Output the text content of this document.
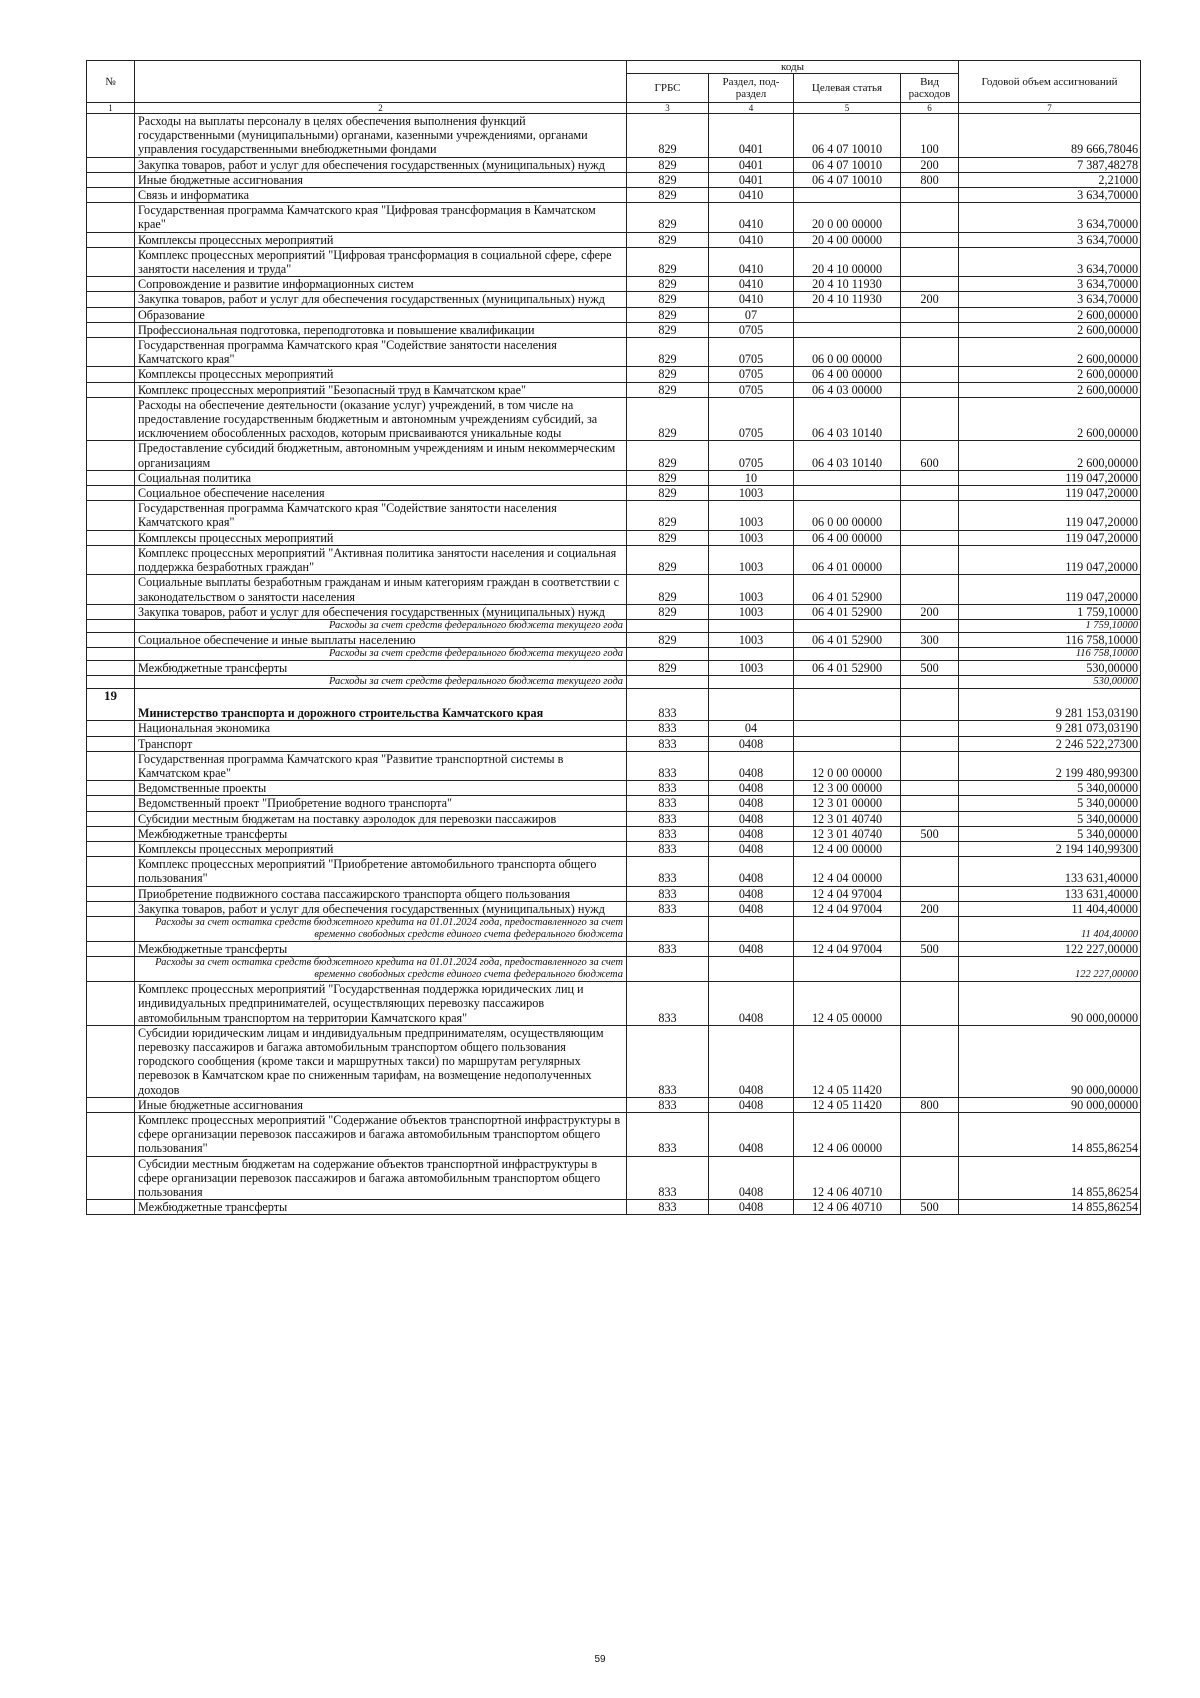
№		коды				Годовой объем ассигнований
		ГРБС	Раздел, под-раздел	Целевая статья	Вид расходов	
1	2	3	4	5	6	7
	Расходы на выплаты персоналу в целях обеспечения выполнения функций государственными (муниципальными) органами, казенными учреждениями, органами управления государственными внебюджетными фондами	829	0401	06 4 07 10010	100	89 666,78046
	Закупка товаров, работ и услуг для обеспечения государственных (муниципальных) нужд	829	0401	06 4 07 10010	200	7 387,48278
	Иные бюджетные ассигнования	829	0401	06 4 07 10010	800	2,21000
	Связь и информатика	829	0410			3 634,70000
	Государственная программа Камчатского края "Цифровая трансформация в Камчатском крае"	829	0410	20 0 00 00000		3 634,70000
	Комплексы процессных мероприятий	829	0410	20 4 00 00000		3 634,70000
	Комплекс процессных мероприятий "Цифровая трансформация в социальной сфере, сфере занятости населения и труда"	829	0410	20 4 10 00000		3 634,70000
	Сопровождение и развитие информационных систем	829	0410	20 4 10 11930		3 634,70000
	Закупка товаров, работ и услуг для обеспечения государственных (муниципальных) нужд	829	0410	20 4 10 11930	200	3 634,70000
	Образование	829	07			2 600,00000
	Профессиональная подготовка, переподготовка и повышение квалификации	829	0705			2 600,00000
	Государственная программа Камчатского края "Содействие занятости населения Камчатского края"	829	0705	06 0 00 00000		2 600,00000
	Комплексы процессных мероприятий	829	0705	06 4 00 00000		2 600,00000
	Комплекс процессных мероприятий "Безопасный труд в Камчатском крае"	829	0705	06 4 03 00000		2 600,00000
	Расходы на обеспечение деятельности (оказание услуг) учреждений, в том числе на предоставление государственным бюджетным и автономным учреждениям субсидий, за исключением обособленных расходов, которым присваиваются уникальные коды	829	0705	06 4 03 10140		2 600,00000
	Предоставление субсидий бюджетным, автономным учреждениям и иным некоммерческим организациям	829	0705	06 4 03 10140	600	2 600,00000
	Социальная политика	829	10			119 047,20000
	Социальное обеспечение населения	829	1003			119 047,20000
	Государственная программа Камчатского края "Содействие занятости населения Камчатского края"	829	1003	06 0 00 00000		119 047,20000
	Комплексы процессных мероприятий	829	1003	06 4 00 00000		119 047,20000
	Комплекс процессных мероприятий "Активная политика занятости населения и социальная поддержка безработных граждан"	829	1003	06 4 01 00000		119 047,20000
	Социальные выплаты безработным гражданам и иным категориям граждан в соответствии с законодательством о занятости населения	829	1003	06 4 01 52900		119 047,20000
	Закупка товаров, работ и услуг для обеспечения государственных (муниципальных) нужд	829	1003	06 4 01 52900	200	1 759,10000
	Расходы за счет средств федерального бюджета текущего года					1 759,10000
	Социальное обеспечение и иные выплаты населению	829	1003	06 4 01 52900	300	116 758,10000
	Расходы за счет средств федерального бюджета текущего года					116 758,10000
	Межбюджетные трансферты	829	1003	06 4 01 52900	500	530,00000
	Расходы за счет средств федерального бюджета текущего года					530,00000
19	Министерство транспорта и дорожного строительства Камчатского края	833				9 281 153,03190
	Национальная экономика	833	04			9 281 073,03190
	Транспорт	833	0408			2 246 522,27300
	Государственная программа Камчатского края "Развитие транспортной системы в Камчатском крае"	833	0408	12 0 00 00000		2 199 480,99300
	Ведомственные проекты	833	0408	12 3 00 00000		5 340,00000
	Ведомственный проект "Приобретение водного транспорта"	833	0408	12 3 01 00000		5 340,00000
	Субсидии местным бюджетам на поставку аэролодок для перевозки пассажиров	833	0408	12 3 01 40740		5 340,00000
	Межбюджетные трансферты	833	0408	12 3 01 40740	500	5 340,00000
	Комплексы процессных мероприятий	833	0408	12 4 00 00000		2 194 140,99300
	Комплекс процессных мероприятий "Приобретение автомобильного транспорта общего пользования"	833	0408	12 4 04 00000		133 631,40000
	Приобретение подвижного состава пассажирского транспорта общего пользования	833	0408	12 4 04 97004		133 631,40000
	Закупка товаров, работ и услуг для обеспечения государственных (муниципальных) нужд	833	0408	12 4 04 97004	200	11 404,40000
	Расходы за счет остатка средств бюджетного кредита на 01.01.2024 года, предоставленного за счет временно свободных средств единого счета федерального бюджета					11 404,40000
	Межбюджетные трансферты	833	0408	12 4 04 97004	500	122 227,00000
	Расходы за счет остатка средств бюджетного кредита на 01.01.2024 года, предоставленного за счет временно свободных средств единого счета федерального бюджета					122 227,00000
	Комплекс процессных мероприятий "Государственная поддержка юридических лиц и индивидуальных предпринимателей, осуществляющих перевозку пассажиров автомобильным транспортом на территории Камчатского края"	833	0408	12 4 05 00000		90 000,00000
	Субсидии юридическим лицам и индивидуальным предпринимателям, осуществляющим перевозку пассажиров и багажа автомобильным транспортом общего пользования городского сообщения (кроме такси и маршрутных такси) по маршрутам регулярных перевозок в Камчатском крае по сниженным тарифам, на возмещение недополученных доходов	833	0408	12 4 05 11420		90 000,00000
	Иные бюджетные ассигнования	833	0408	12 4 05 11420	800	90 000,00000
	Комплекс процессных мероприятий "Содержание объектов транспортной инфраструктуры в сфере организации перевозок пассажиров и багажа автомобильным транспортом общего пользования"	833	0408	12 4 06 00000		14 855,86254
	Субсидии местным бюджетам на содержание объектов транспортной инфраструктуры в сфере организации перевозок пассажиров и багажа автомобильным транспортом общего пользования	833	0408	12 4 06 40710		14 855,86254
	Межбюджетные трансферты	833	0408	12 4 06 40710	500	14 855,86254
59
